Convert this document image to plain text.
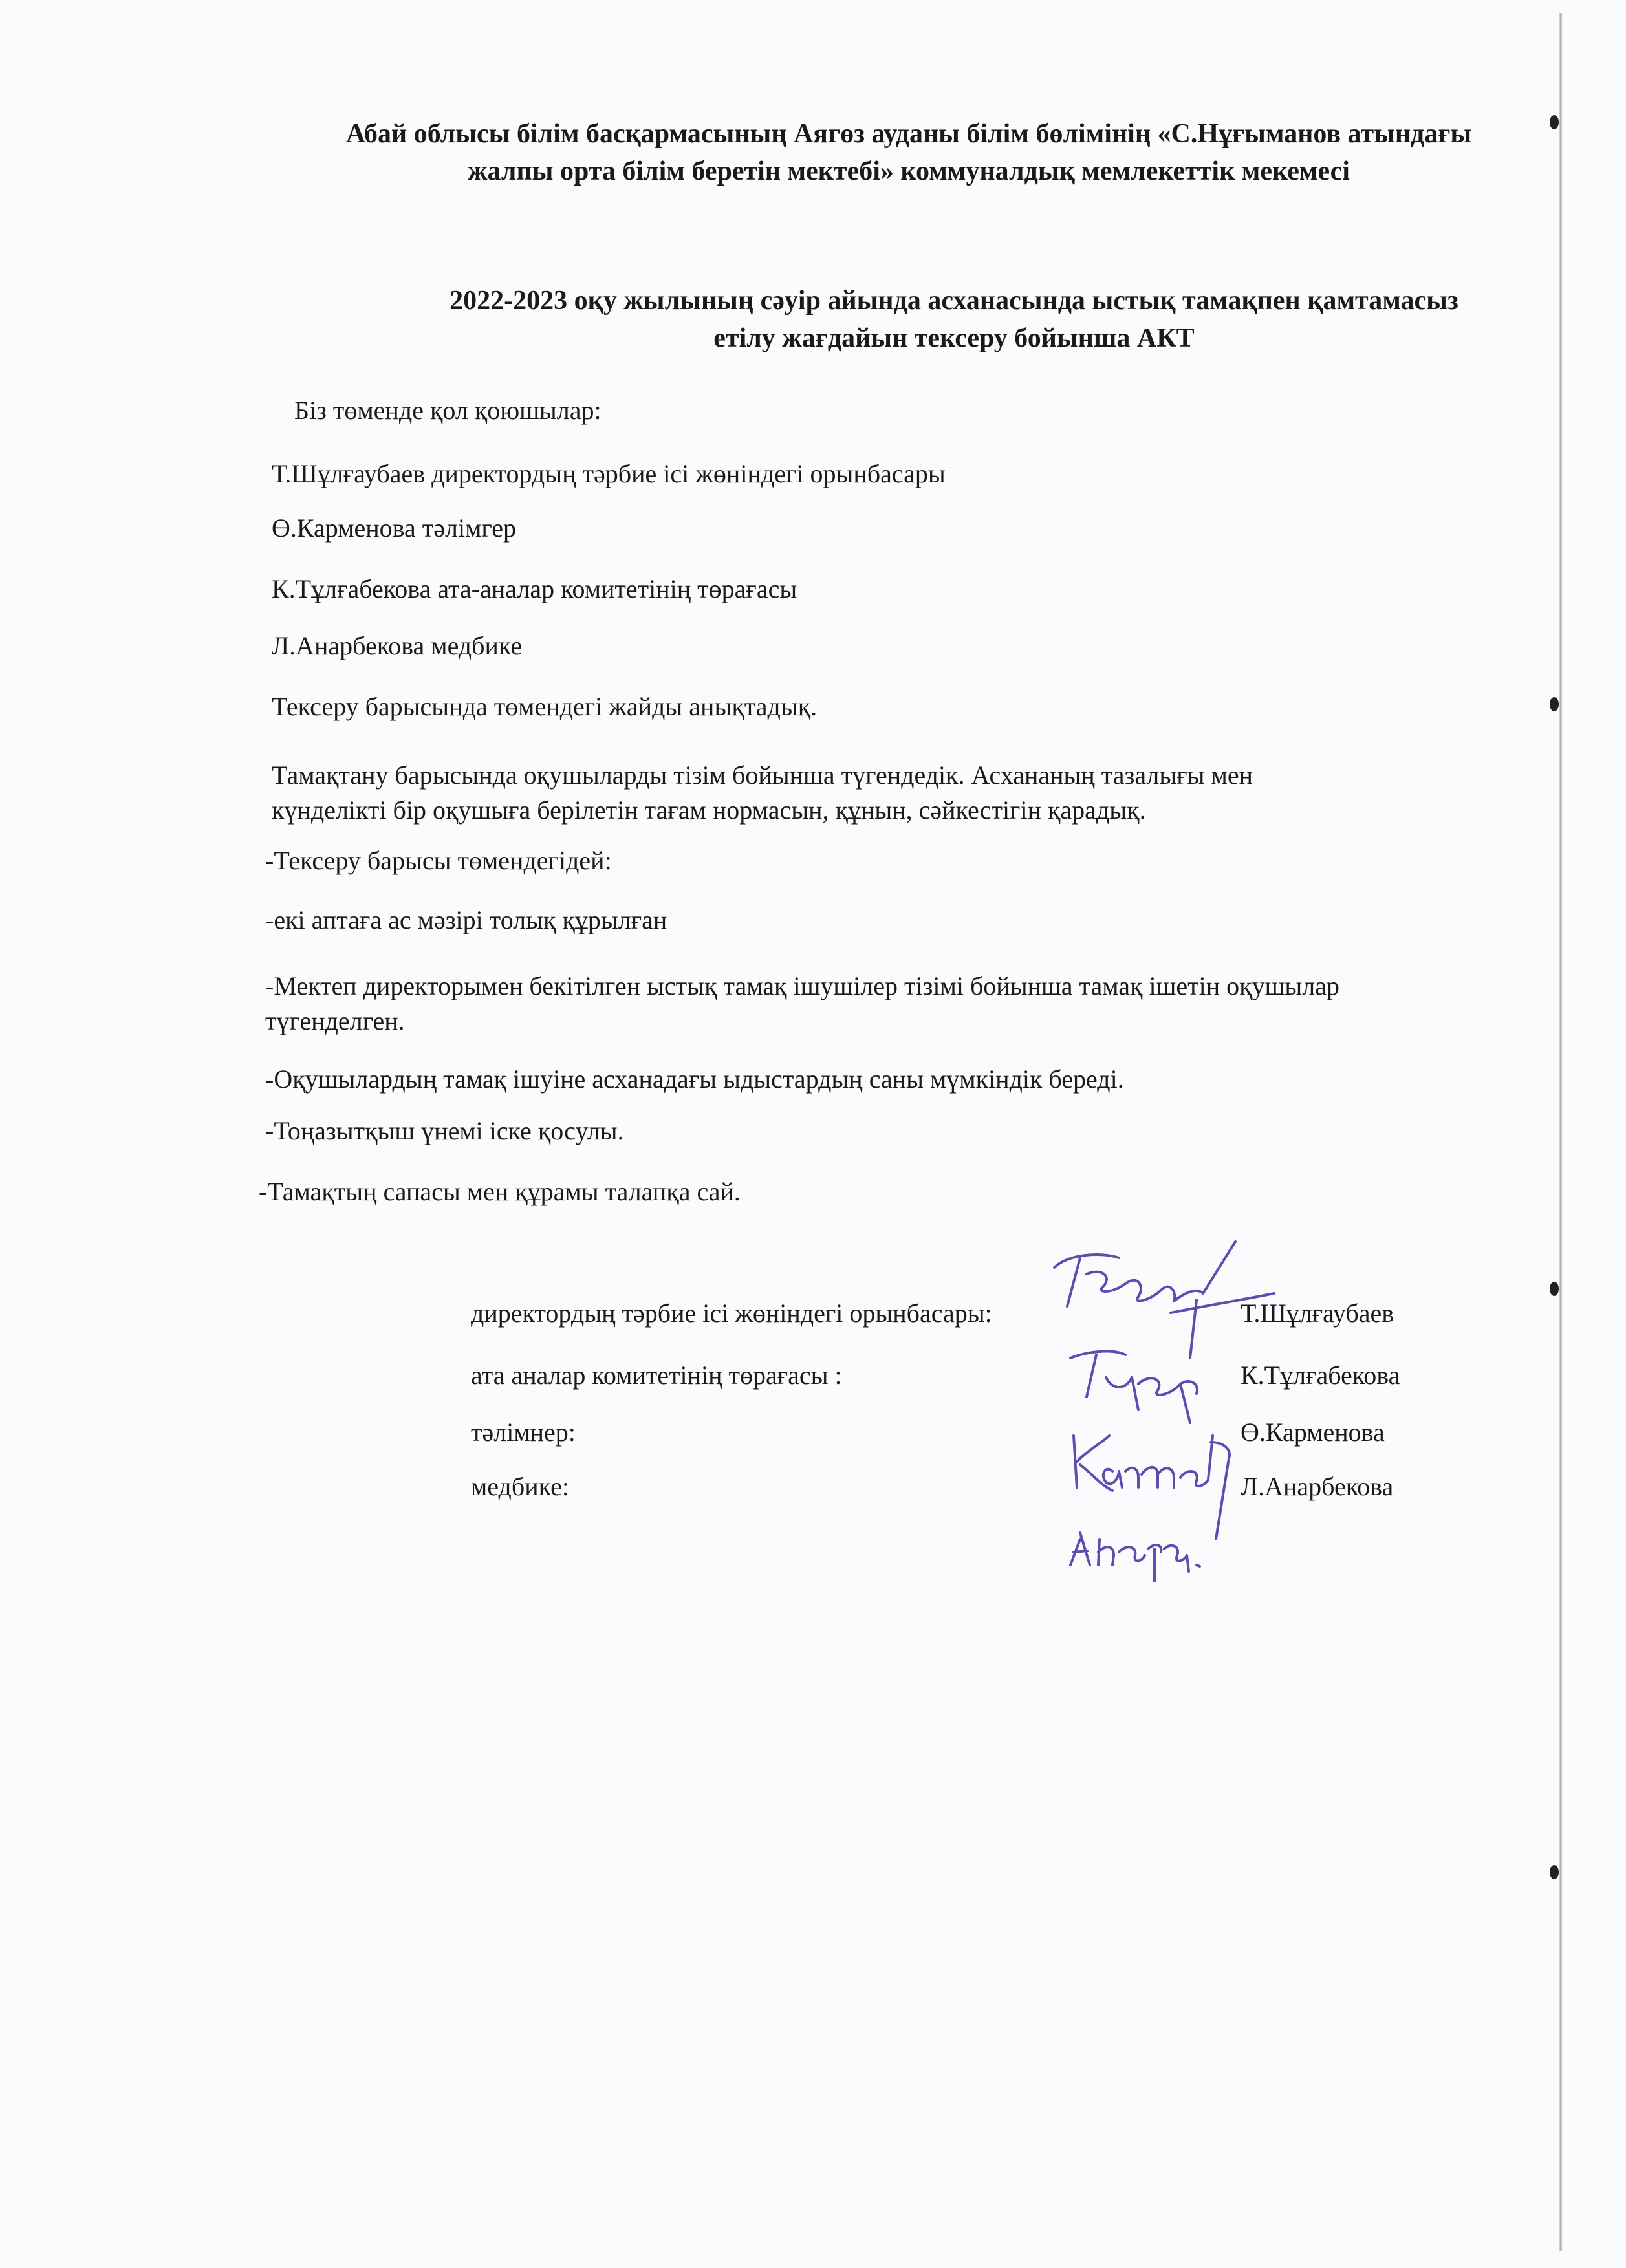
Абай облысы білім басқармасының Аягөз ауданы білім бөлімінің «С.Нұғыманов атындағы
жалпы орта білім беретін мектебі» коммуналдық мемлекеттік мекемесі
2022-2023 оқу жылының сәуір айында асханасында ыстық тамақпен қамтамасыз
етілу жағдайын тексеру бойынша АКТ
Біз төменде қол қоюшылар:
Т.Шұлғаубаев директордың тәрбие ісі жөніндегі орынбасары
Ө.Карменова тәлімгер
К.Тұлғабекова ата-аналар комитетінің төрағасы
Л.Анарбекова медбике
Тексеру барысында төмендегі жайды анықтадық.
Тамақтану барысында оқушыларды тізім бойынша түгендедік. Асхананың тазалығы мен
күнделікті бір оқушыға берілетін тағам нормасын, құнын, сәйкестігін қарадық.
-Тексеру барысы төмендегідей:
-екі аптаға ас мәзірі толық құрылған
-Мектеп директорымен бекітілген ыстық тамақ ішушілер тізімі бойынша тамақ ішетін оқушылар
түгенделген.
-Оқушылардың тамақ ішуіне асханадағы ыдыстардың саны мүмкіндік береді.
-Тоңазытқыш үнемі іске қосулы.
-Тамақтың сапасы мен құрамы талапқа сай.
директордың тәрбие ісі жөніндегі орынбасары:	Т.Шұлғаубаев
ата аналар комитетінің төрағасы :	К.Тұлғабекова
тәлімнер:	Ө.Карменова
медбике:	Л.Анарбекова
